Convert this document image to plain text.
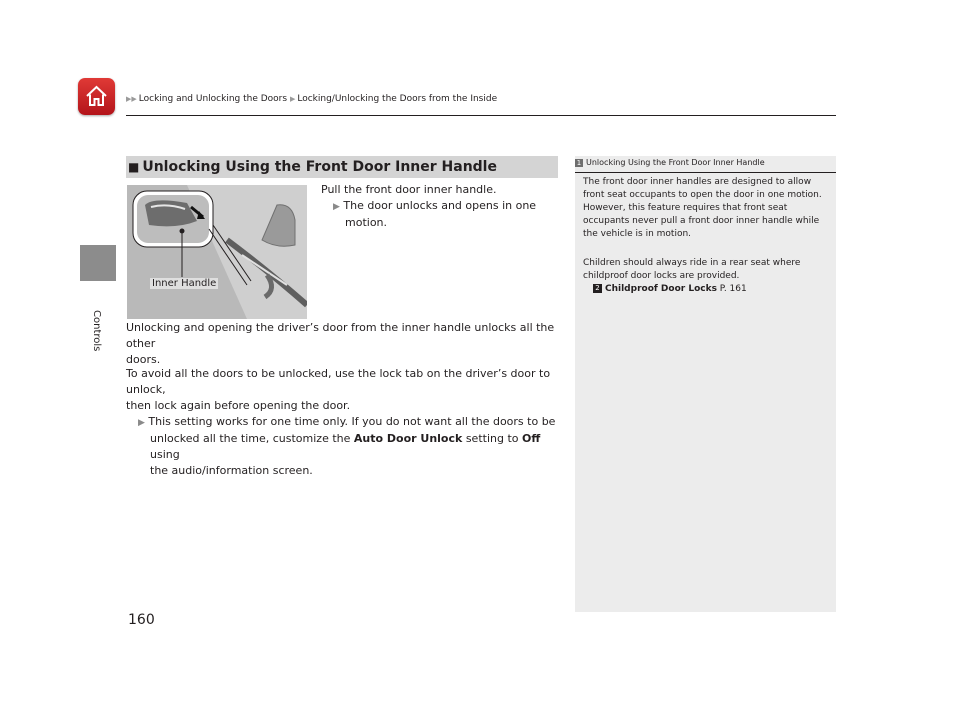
▶▶ Locking and Unlocking the Doors ▶ Locking/Unlocking the Doors from the Inside
Controls
160
■ Unlocking Using the Front Door Inner Handle
Inner Handle
Pull the front door inner handle.
▶ The door unlocks and opens in one
motion.
Unlocking and opening the driver’s door from the inner handle unlocks all the other
doors.
To avoid all the doors to be unlocked, use the lock tab on the driver’s door to unlock,
then lock again before opening the door.
▶ This setting works for one time only. If you do not want all the doors to be
unlocked all the time, customize the Auto Door Unlock setting to Off using
the audio/information screen.
1 Unlocking Using the Front Door Inner Handle
The front door inner handles are designed to allow
front seat occupants to open the door in one motion.
However, this feature requires that front seat
occupants never pull a front door inner handle while
the vehicle is in motion.
Children should always ride in a rear seat where
childproof door locks are provided.
2 Childproof Door Locks P. 161
